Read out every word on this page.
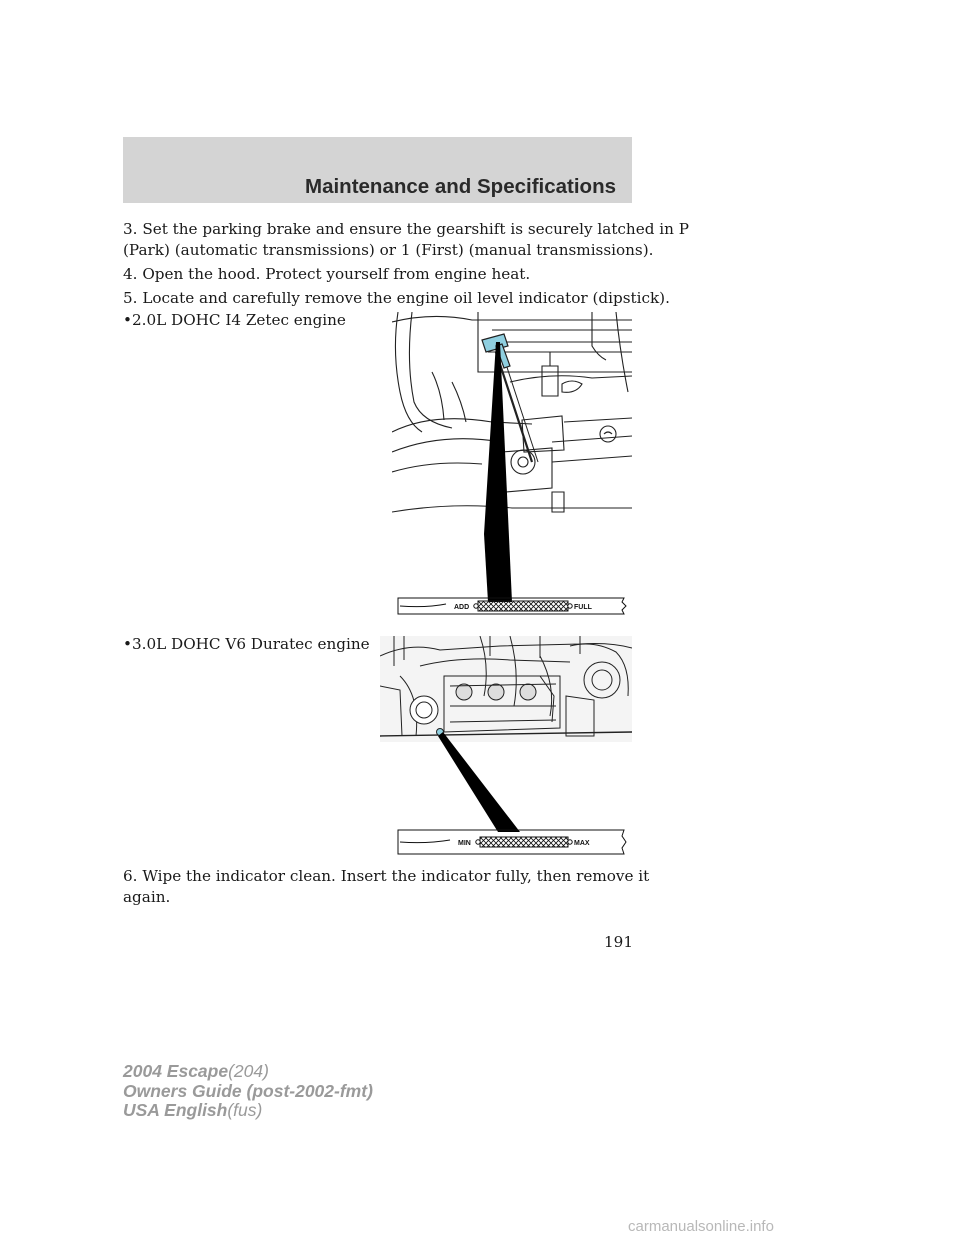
Maintenance and Specifications
3. Set the parking brake and ensure the gearshift is securely latched in P
(Park) (automatic transmissions) or 1 (First) (manual transmissions).
4. Open the hood. Protect yourself from engine heat.
5. Locate and carefully remove the engine oil level indicator (dipstick).
•2.0L DOHC I4 Zetec engine
ADD	FULL
•3.0L DOHC V6 Duratec engine
MIN	MAX
6. Wipe the indicator clean. Insert the indicator fully, then remove it
again.
191
2004 Escape(204)
Owners Guide (post-2002-fmt)
USA English(fus)
carmanualsonline.info
